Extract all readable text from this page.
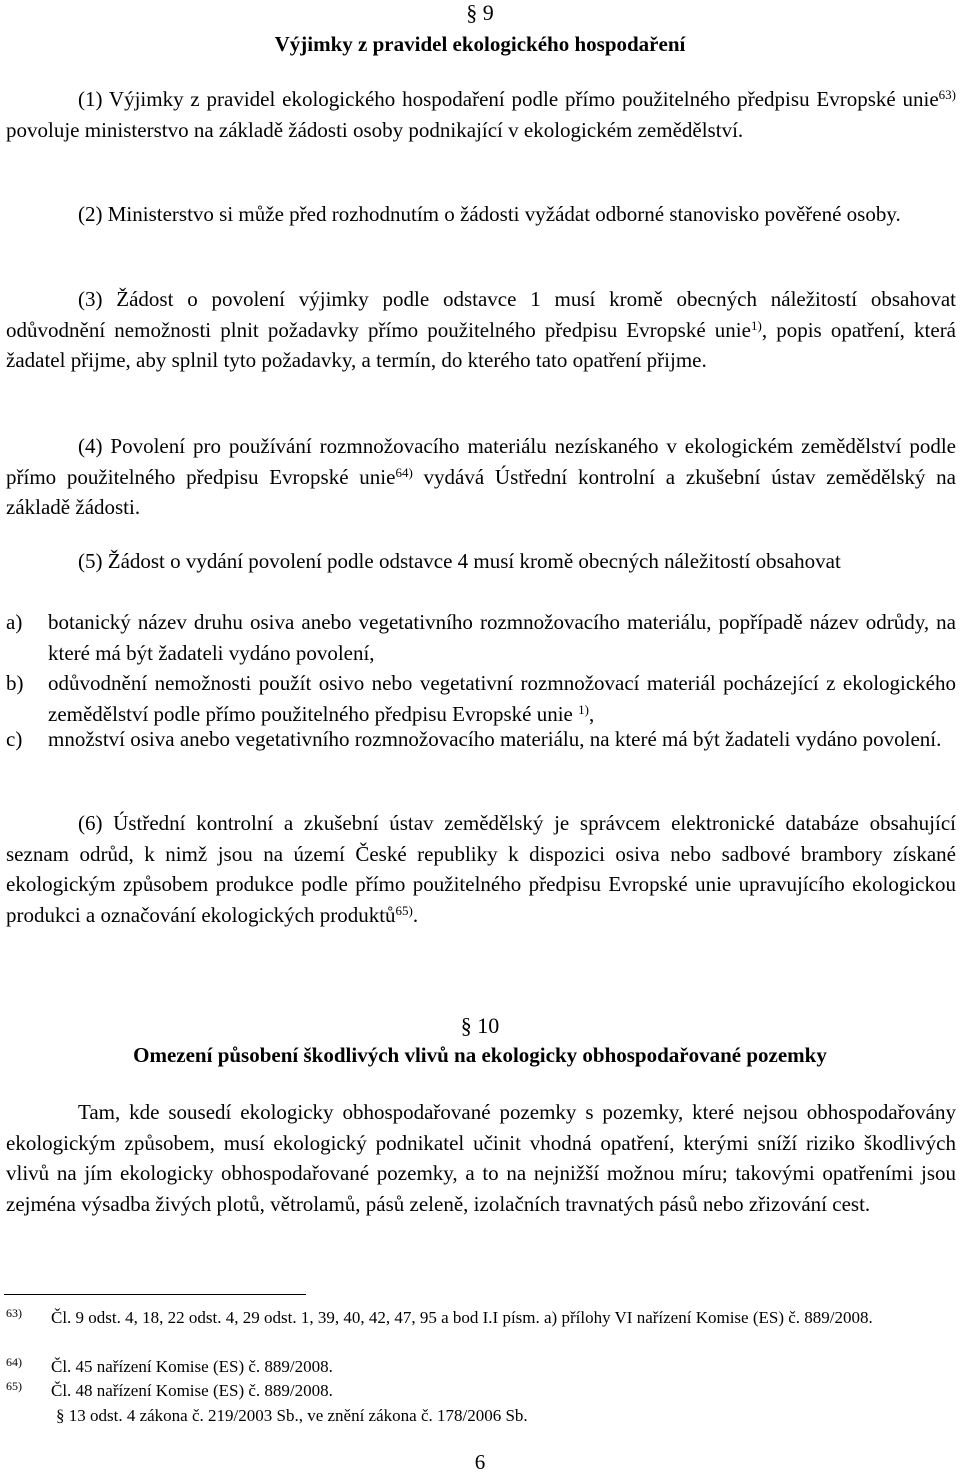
§ 9
Výjimky z pravidel ekologického hospodaření
(1) Výjimky z pravidel ekologického hospodaření podle přímo použitelného předpisu Evropské unie$^{63)}$ povoluje ministerstvo na základě žádosti osoby podnikající v ekologickém zemědělství.
(2) Ministerstvo si může před rozhodnutím o žádosti vyžádat odborné stanovisko pověřené osoby.
(3) Žádost o povolení výjimky podle odstavce 1 musí kromě obecných náležitostí obsahovat odůvodnění nemožnosti plnit požadavky přímo použitelného předpisu Evropské unie$^{1)}$, popis opatření, která žadatel přijme, aby splnil tyto požadavky, a termín, do kterého tato opatření přijme.
(4) Povolení pro používání rozmnožovacího materiálu nezískaného v ekologickém zemědělství podle přímo použitelného předpisu Evropské unie$^{64)}$ vydává Ústřední kontrolní a zkušební ústav zemědělský na základě žádosti.
(5) Žádost o vydání povolení podle odstavce 4 musí kromě obecných náležitostí obsahovat
a)	botanický název druhu osiva anebo vegetativního rozmnožovacího materiálu, popřípadě název odrůdy, na které má být žadateli vydáno povolení,
b)	odůvodnění nemožnosti použít osivo nebo vegetativní rozmnožovací materiál pocházející z ekologického zemědělství podle přímo použitelného předpisu Evropské unie $^{1)}$,
c)	množství osiva anebo vegetativního rozmnožovacího materiálu, na které má být žadateli vydáno povolení.
(6) Ústřední kontrolní a zkušební ústav zemědělský je správcem elektronické databáze obsahující seznam odrůd, k nimž jsou na území České republiky k dispozici osiva nebo sadbové brambory získané ekologickým způsobem produkce podle přímo použitelného předpisu Evropské unie upravujícího ekologickou produkci a označování ekologických produktů$^{65)}$.
§ 10
Omezení působení škodlivých vlivů na ekologicky obhospodařované pozemky
Tam, kde sousedí ekologicky obhospodařované pozemky s pozemky, které nejsou obhospodařovány ekologickým způsobem, musí ekologický podnikatel učinit vhodná opatření, kterými sníží riziko škodlivých vlivů na jím ekologicky obhospodařované pozemky, a to na nejnižší možnou míru; takovými opatřeními jsou zejména výsadba živých plotů, větrolamů, pásů zeleně, izolačních travnatých pásů nebo zřizování cest.
63) Čl. 9 odst. 4, 18, 22 odst. 4, 29 odst. 1, 39, 40, 42, 47, 95 a bod I.I písm. a) přílohy VI nařízení Komise (ES) č. 889/2008.
64) Čl. 45 nařízení Komise (ES) č. 889/2008.
65) Čl. 48 nařízení Komise (ES) č. 889/2008.
§ 13 odst. 4 zákona č. 219/2003 Sb., ve znění zákona č. 178/2006 Sb.
6
